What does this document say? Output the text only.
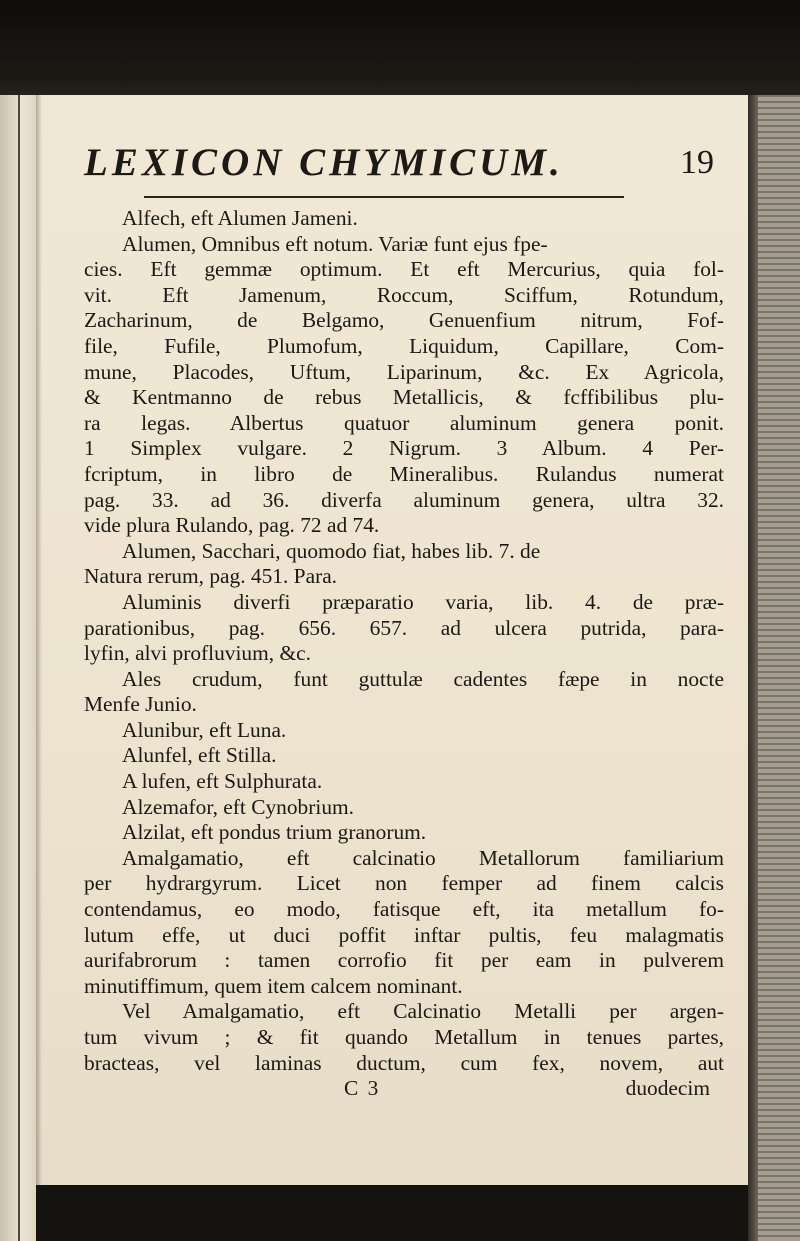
LEXICON CHYMICUM.	19
Alfech, eft Alumen Jameni.
Alumen, Omnibus eft notum. Variæ funt ejus fpe-
cies. Eft gemmæ optimum. Et eft Mercurius, quia fol-
vit. Eft Jamenum, Roccum, Sciffum, Rotundum,
Zacharinum, de Belgamo, Genuenfium nitrum, Fof-
file, Fufile, Plumofum, Liquidum, Capillare, Com-
mune, Placodes, Uftum, Liparinum, &c. Ex Agricola,
& Kentmanno de rebus Metallicis, & fcffibilibus plu-
ra legas. Albertus quatuor aluminum genera ponit.
1 Simplex vulgare. 2 Nigrum. 3 Album. 4 Per-
fcriptum, in libro de Mineralibus. Rulandus numerat
pag. 33. ad 36. diverfa aluminum genera, ultra 32.
vide plura Rulando, pag. 72 ad 74.
Alumen, Sacchari, quomodo fiat, habes lib. 7. de
Natura rerum, pag. 451. Para.
Aluminis diverfi præparatio varia, lib. 4. de præ-
parationibus, pag. 656. 657. ad ulcera putrida, para-
lyfin, alvi profluvium, &c.
Ales crudum, funt guttulæ cadentes fæpe in nocte
Menfe Junio.
Alunibur, eft Luna.
Alunfel, eft Stilla.
A lufen, eft Sulphurata.
Alzemafor, eft Cynobrium.
Alzilat, eft pondus trium granorum.
Amalgamatio, eft calcinatio Metallorum familiarium
per hydrargyrum. Licet non femper ad finem calcis
contendamus, eo modo, fatisque eft, ita metallum fo-
lutum effe, ut duci poffit inftar pultis, feu malagmatis
aurifabrorum : tamen corrofio fit per eam in pulverem
minutiffimum, quem item calcem nominant.
Vel Amalgamatio, eft Calcinatio Metalli per argen-
tum vivum ; & fit quando Metallum in tenues partes,
bracteas, vel laminas ductum, cum fex, novem, aut
C 3	duodecim
